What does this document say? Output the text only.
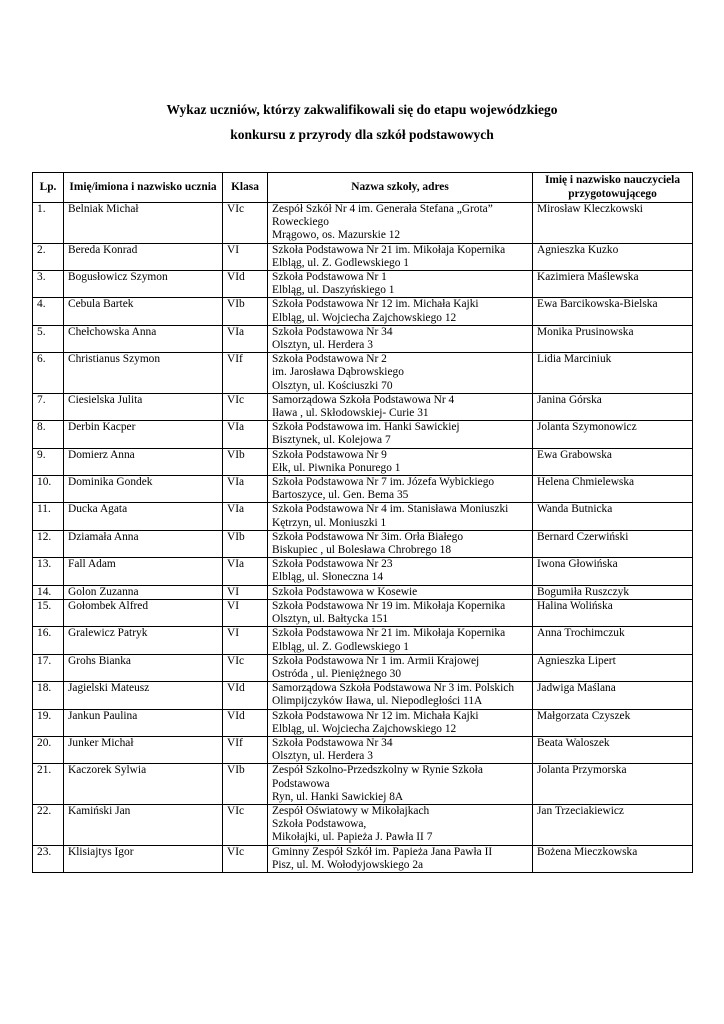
Wykaz uczniów, którzy zakwalifikowali się do etapu wojewódzkiego
konkursu z przyrody dla szkół podstawowych
Lp.	Imię/imiona i nazwisko ucznia	Klasa	Nazwa szkoły, adres	Imię i nazwisko nauczyciela przygotowującego
1.	Belniak Michał	VIc	Zespół Szkół Nr 4 im. Generała Stefana „Grota” Roweckiego
Mrągowo, os. Mazurskie 12	Mirosław Kleczkowski
2.	Bereda Konrad	VI	Szkoła Podstawowa Nr 21 im. Mikołaja Kopernika
Elbląg, ul. Z. Godlewskiego 1	Agnieszka Kuzko
3.	Bogusłowicz Szymon	VId	Szkoła Podstawowa Nr 1
Elbląg, ul. Daszyńskiego 1	Kazimiera Maślewska
4.	Cebula Bartek	VIb	Szkoła Podstawowa Nr 12 im. Michała Kajki
Elbląg, ul. Wojciecha Zajchowskiego 12	Ewa Barcikowska-Bielska
5.	Chełchowska Anna	VIa	Szkoła Podstawowa Nr 34
Olsztyn, ul. Herdera 3	Monika Prusinowska
6.	Christianus Szymon	VIf	Szkoła Podstawowa Nr 2
im. Jarosława Dąbrowskiego
Olsztyn, ul. Kościuszki 70	Lidia Marciniuk
7.	Ciesielska Julita	VIc	Samorządowa Szkoła Podstawowa Nr 4
Iława , ul. Skłodowskiej- Curie 31	Janina Górska
8.	Derbin Kacper	VIa	Szkoła Podstawowa im. Hanki Sawickiej
Bisztynek, ul. Kolejowa 7	Jolanta Szymonowicz
9.	Domierz Anna	VIb	Szkoła Podstawowa Nr 9
Ełk, ul. Piwnika Ponurego 1	Ewa Grabowska
10.	Dominika Gondek	VIa	Szkoła Podstawowa Nr 7 im. Józefa Wybickiego
Bartoszyce, ul. Gen. Bema 35	Helena Chmielewska
11.	Ducka Agata	VIa	Szkoła Podstawowa Nr 4 im. Stanisława Moniuszki
Kętrzyn, ul. Moniuszki 1	Wanda Butnicka
12.	Dziamała Anna	VIb	Szkoła Podstawowa Nr 3im. Orła Białego
Biskupiec , ul Bolesława Chrobrego 18	Bernard Czerwiński
13.	Fall Adam	VIa	Szkoła Podstawowa Nr 23
Elbląg, ul. Słoneczna 14	Iwona Głowińska
14.	Golon Zuzanna	VI	Szkoła Podstawowa w Kosewie	Bogumiła Ruszczyk
15.	Gołombek Alfred	VI	Szkoła Podstawowa Nr 19 im. Mikołaja Kopernika
Olsztyn, ul. Bałtycka 151	Halina Wolińska
16.	Gralewicz Patryk	VI	Szkoła Podstawowa Nr 21 im. Mikołaja Kopernika
Elbląg, ul. Z. Godlewskiego 1	Anna Trochimczuk
17.	Grohs Bianka	VIc	Szkoła Podstawowa Nr 1 im. Armii Krajowej
Ostróda , ul. Pieniężnego 30	Agnieszka Lipert
18.	Jagielski Mateusz	VId	Samorządowa Szkoła Podstawowa Nr 3 im. Polskich Olimpijczyków Iława, ul. Niepodległości 11A	Jadwiga Maślana
19.	Jankun Paulina	VId	Szkoła Podstawowa Nr 12 im. Michała Kajki
Elbląg, ul. Wojciecha Zajchowskiego 12	Małgorzata Czyszek
20.	Junker Michał	VIf	Szkoła Podstawowa Nr 34
Olsztyn, ul. Herdera 3	Beata Waloszek
21.	Kaczorek Sylwia	VIb	Zespół Szkolno-Przedszkolny w Rynie Szkoła Podstawowa
Ryn, ul. Hanki Sawickiej 8A	Jolanta Przymorska
22.	Kamiński Jan	VIc	Zespół Oświatowy w Mikołajkach
Szkoła Podstawowa,
Mikołajki, ul. Papieża J. Pawła II 7	Jan Trzeciakiewicz
23.	Klisiajtys Igor	VIc	Gminny Zespół Szkół im. Papieża Jana Pawła II
Pisz, ul. M. Wołodyjowskiego 2a	Bożena Mieczkowska
